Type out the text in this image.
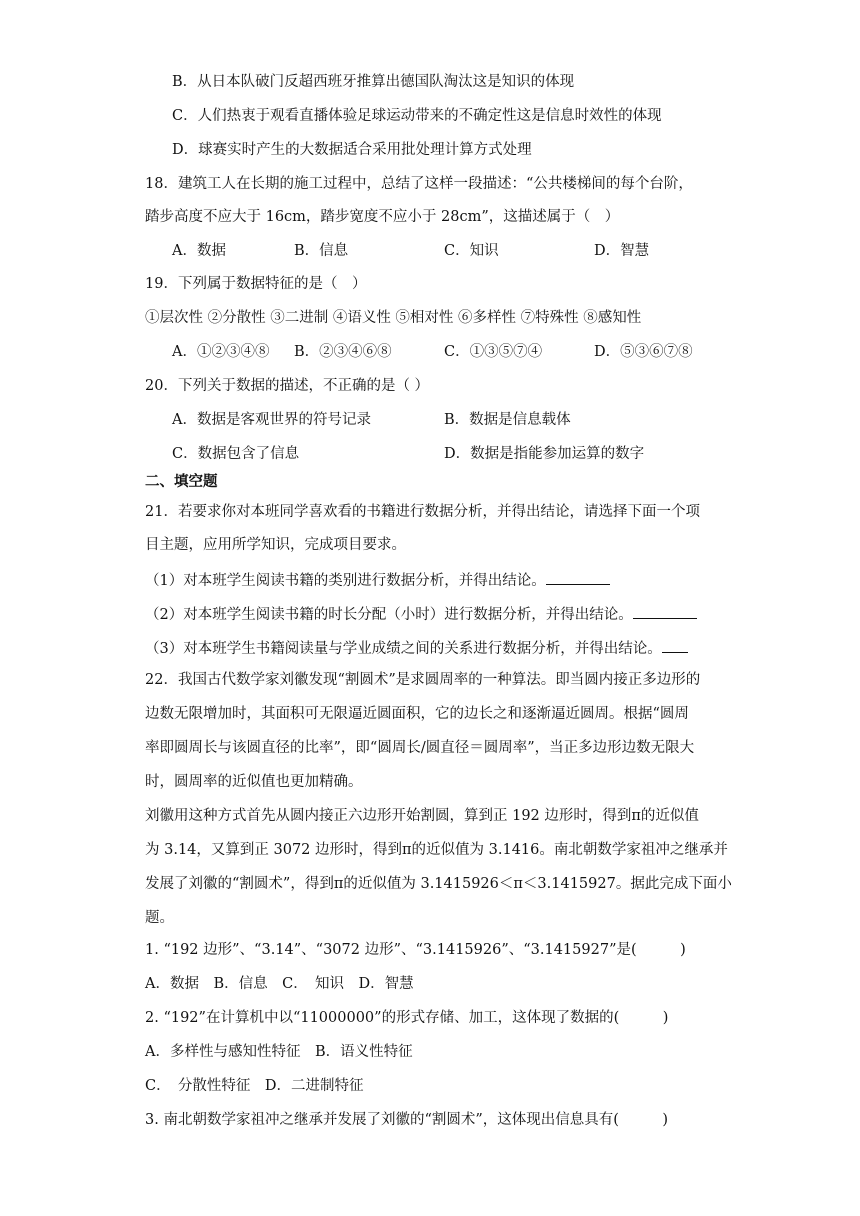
B．从日本队破门反超西班牙推算出德国队淘汰这是知识的体现
C．人们热衷于观看直播体验足球运动带来的不确定性这是信息时效性的体现
D．球赛实时产生的大数据适合采用批处理计算方式处理
18．建筑工人在长期的施工过程中，总结了这样一段描述：“公共楼梯间的每个台阶，
踏步高度不应大于 16cm，踏步宽度不应小于 28cm”，这描述属于（　）
A．数据	B．信息	C．知识	D．智慧
19．下列属于数据特征的是（　）
①层次性 ②分散性 ③二进制 ④语义性 ⑤相对性 ⑥多样性 ⑦特殊性 ⑧感知性
A．①②③④⑧ B．②③④⑥⑧	C．①③⑤⑦④	D．⑤③⑥⑦⑧
20．下列关于数据的描述，不正确的是（ ）
A．数据是客观世界的符号记录	B．数据是信息载体
C．数据包含了信息	D．数据是指能参加运算的数字
二、填空题
21．若要求你对本班同学喜欢看的书籍进行数据分析，并得出结论，请选择下面一个项
目主题，应用所学知识，完成项目要求。
（1）对本班学生阅读书籍的类别进行数据分析，并得出结论。
（2）对本班学生阅读书籍的时长分配（小时）进行数据分析，并得出结论。
（3）对本班学生书籍阅读量与学业成绩之间的关系进行数据分析，并得出结论。
22．我国古代数学家刘徽发现“割圆术”是求圆周率的一种算法。即当圆内接正多边形的
边数无限增加时，其面积可无限逼近圆面积，它的边长之和逐渐逼近圆周。根据“圆周
率即圆周长与该圆直径的比率”，即“圆周长/圆直径＝圆周率”，当正多边形边数无限大
时，圆周率的近似值也更加精确。
刘徽用这种方式首先从圆内接正六边形开始割圆，算到正 192 边形时，得到π的近似值
为 3.14，又算到正 3072 边形时，得到π的近似值为 3.1416。南北朝数学家祖冲之继承并
发展了刘徽的“割圆术”，得到π的近似值为 3.1415926＜π＜3.1415927。据此完成下面小
题。
1. “192 边形”、“3.14”、“3072 边形”、“3.1415926”、“3.1415927”是(　　　)
A．数据　B．信息　C．　知识　D．智慧
2. “192”在计算机中以“11000000”的形式存储、加工，这体现了数据的(　　　)
A．多样性与感知性特征　B．语义性特征
C．　分散性特征　D．二进制特征
3. 南北朝数学家祖冲之继承并发展了刘徽的“割圆术”，这体现出信息具有(　　　)
